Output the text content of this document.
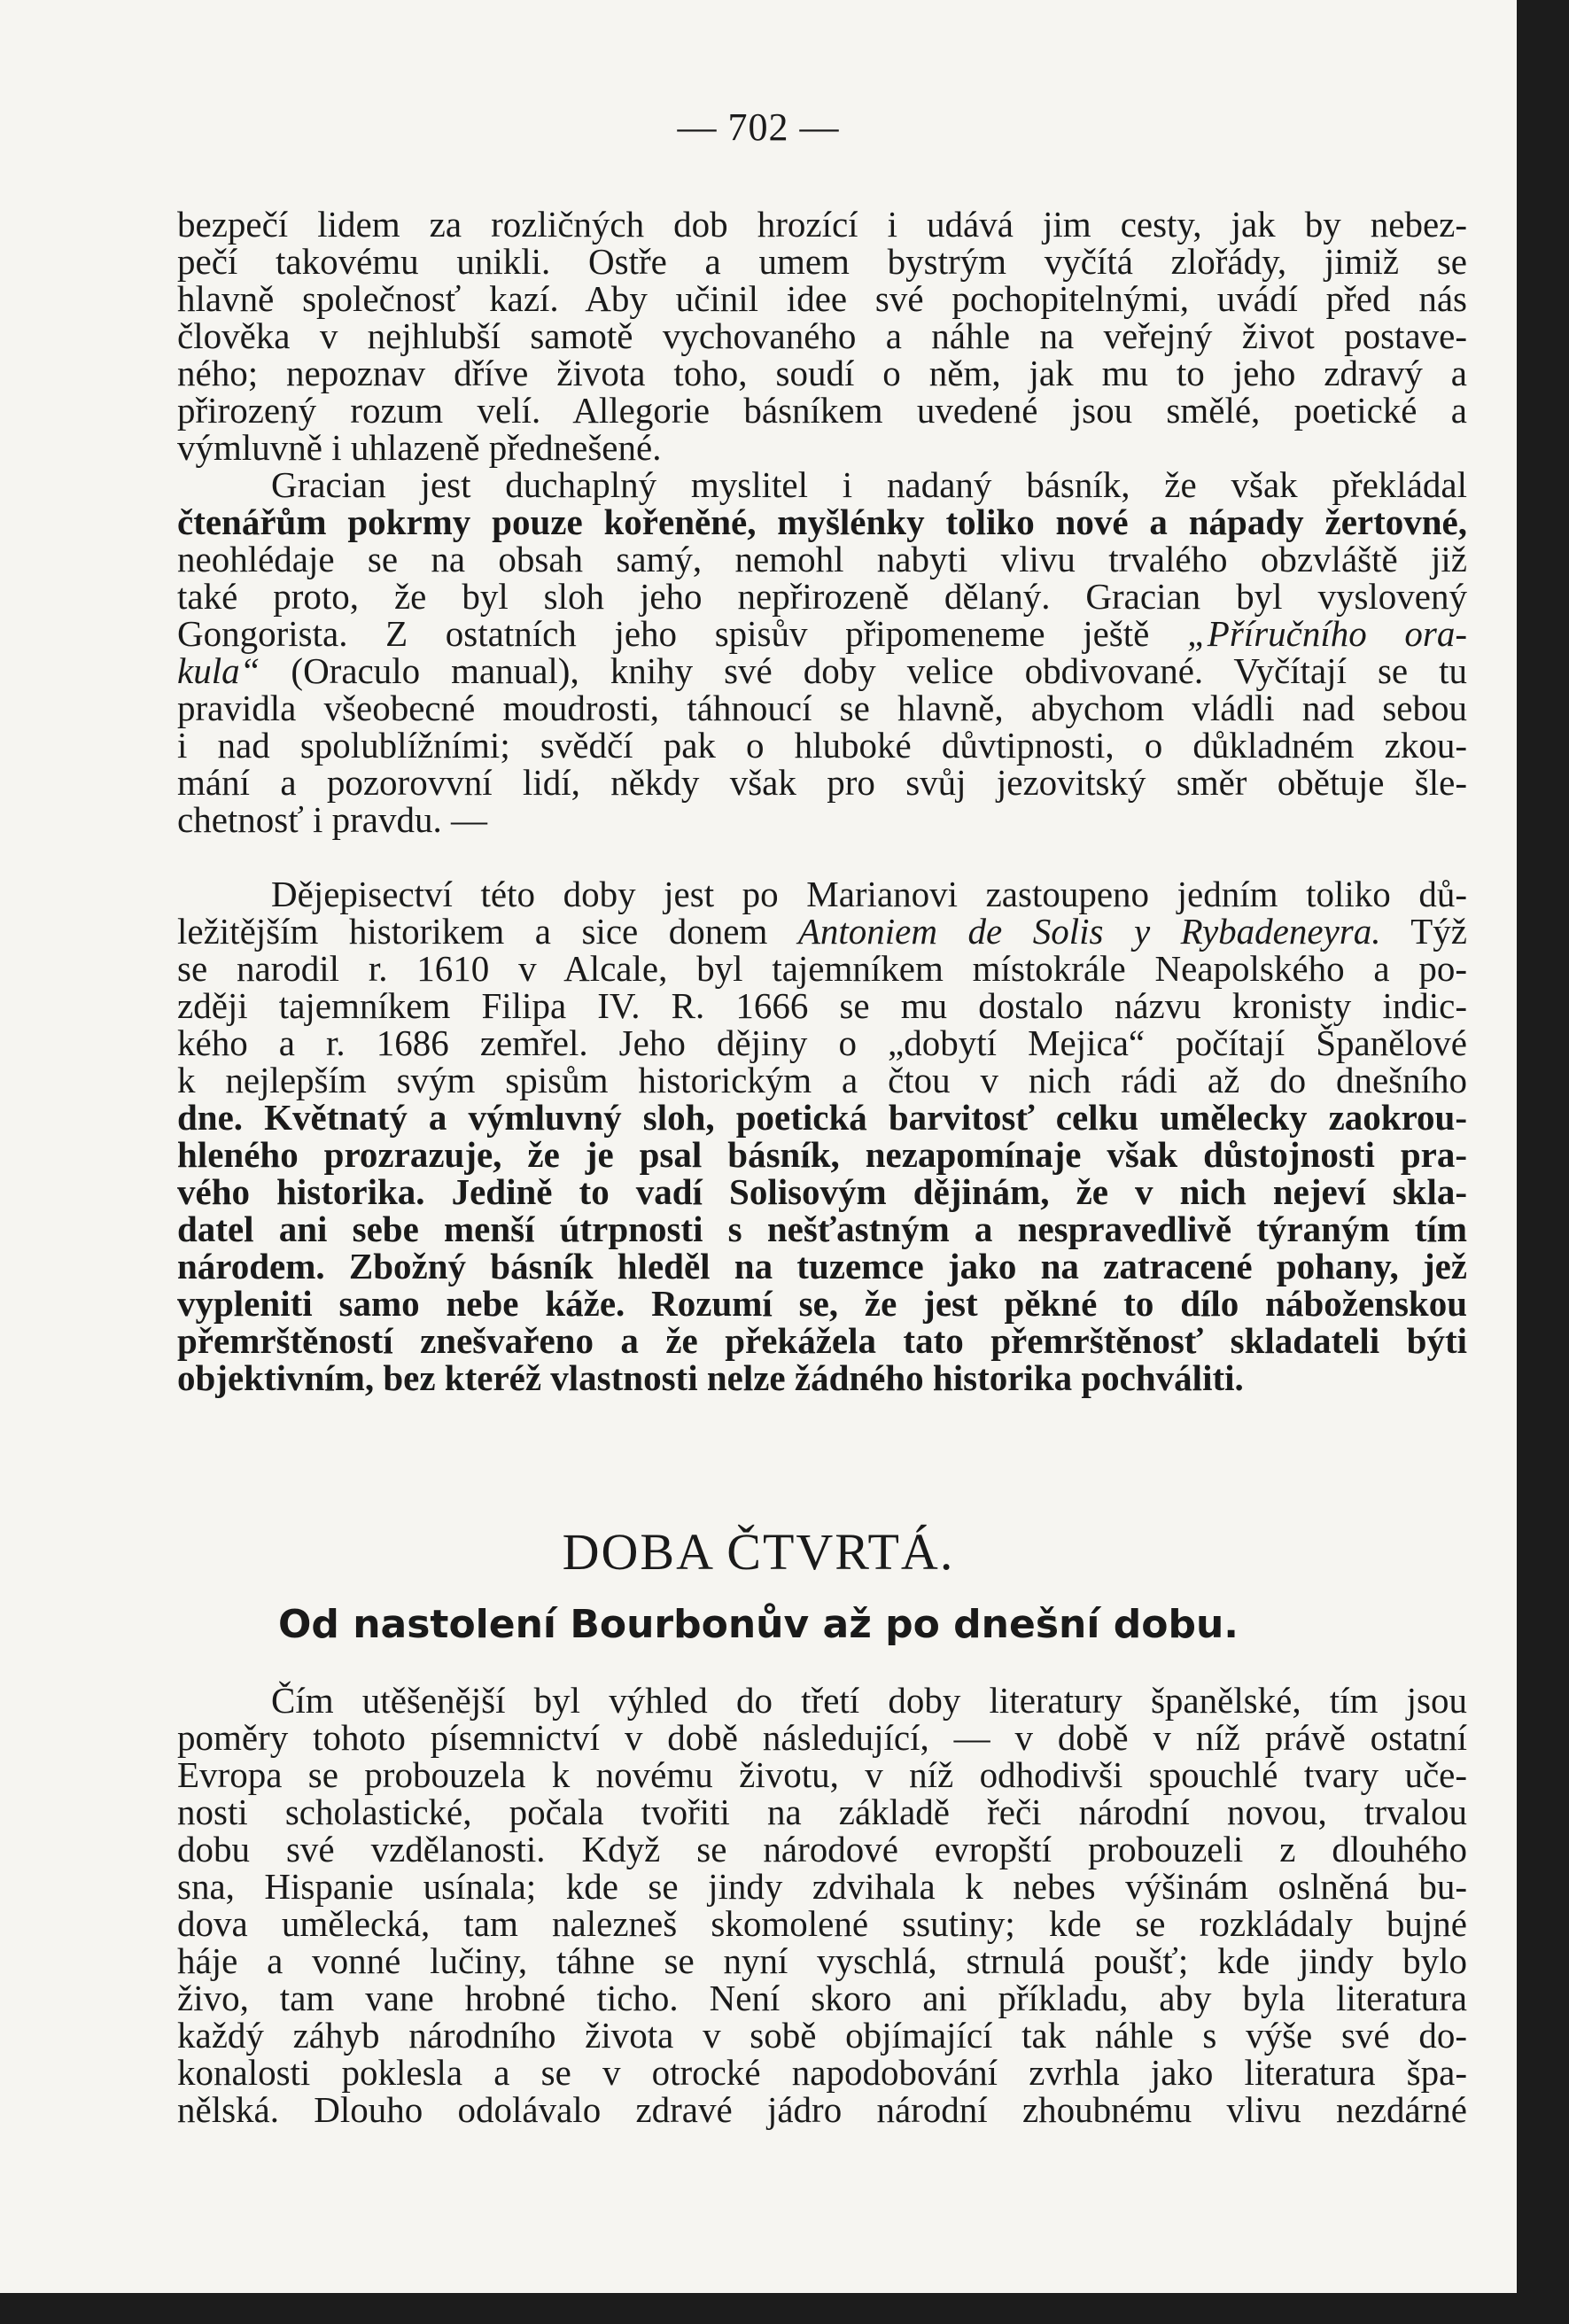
— 702 —
bezpečí lidem za rozličných dob hrozící i udává jim cesty, jak by nebez-
pečí takovému unikli. Ostře a umem bystrým vyčítá zlořády, jimiž se
hlavně společnosť kazí. Aby učinil idee své pochopitelnými, uvádí před nás
člověka v nejhlubší samotě vychovaného a náhle na veřejný život postave-
ného; nepoznav dříve života toho, soudí o něm, jak mu to jeho zdravý a
přirozený rozum velí. Allegorie básníkem uvedené jsou smělé, poetické a
výmluvně i uhlazeně přednešené.
Gracian jest duchaplný myslitel i nadaný básník, že však překládal
čtenářům pokrmy pouze kořeněné, myšlénky toliko nové a nápady žertovné,
neohlédaje se na obsah samý, nemohl nabyti vlivu trvalého obzvláště již
také proto, že byl sloh jeho nepřirozeně dělaný. Gracian byl vyslovený
Gongorista. Z ostatních jeho spisův připomeneme ještě „Příručního ora-
kula“ (Oraculo manual), knihy své doby velice obdivované. Vyčítají se tu
pravidla všeobecné moudrosti, táhnoucí se hlavně, abychom vládli nad sebou
i nad spolublížními; svědčí pak o hluboké důvtipnosti, o důkladném zkou-
mání a pozorovvní lidí, někdy však pro svůj jezovitský směr obětuje šle-
chetnosť i pravdu. —
Dějepisectví této doby jest po Marianovi zastoupeno jedním toliko dů-
ležitějším historikem a sice donem Antoniem de Solis y Rybadeneyra. Týž
se narodil r. 1610 v Alcale, byl tajemníkem místokrále Neapolského a po-
zději tajemníkem Filipa IV. R. 1666 se mu dostalo názvu kronisty indic-
kého a r. 1686 zemřel. Jeho dějiny o „dobytí Mejica“ počítají Španělové
k nejlepším svým spisům historickým a čtou v nich rádi až do dnešního
dne. Květnatý a výmluvný sloh, poetická barvitosť celku umělecky zaokrou-
hleného prozrazuje, že je psal básník, nezapomínaje však důstojnosti pra-
vého historika. Jedině to vadí Solisovým dějinám, že v nich nejeví skla-
datel ani sebe menší útrpnosti s nešťastným a nespravedlivě týraným tím
národem. Zbožný básník hleděl na tuzemce jako na zatracené pohany, jež
vypleniti samo nebe káže. Rozumí se, že jest pěkné to dílo náboženskou
přemrštěností znešvařeno a že překážela tato přemrštěnosť skladateli býti
objektivním, bez kteréž vlastnosti nelze žádného historika pochváliti.
DOBA ČTVRTÁ.
Od nastolení Bourbonův až po dnešní dobu.
Čím utěšenější byl výhled do třetí doby literatury španělské, tím jsou
poměry tohoto písemnictví v době následující, — v době v níž právě ostatní
Evropa se probouzela k novému životu, v níž odhodivši spouchlé tvary uče-
nosti scholastické, počala tvořiti na základě řeči národní novou, trvalou
dobu své vzdělanosti. Když se národové evropští probouzeli z dlouhého
sna, Hispanie usínala; kde se jindy zdvihala k nebes výšinám oslněná bu-
dova umělecká, tam nalezneš skomolené ssutiny; kde se rozkládaly bujné
háje a vonné lučiny, táhne se nyní vyschlá, strnulá poušť; kde jindy bylo
živo, tam vane hrobné ticho. Není skoro ani příkladu, aby byla literatura
každý záhyb národního života v sobě objímající tak náhle s výše své do-
konalosti poklesla a se v otrocké napodobování zvrhla jako literatura špa-
nělská. Dlouho odolávalo zdravé jádro národní zhoubnému vlivu nezdárné
